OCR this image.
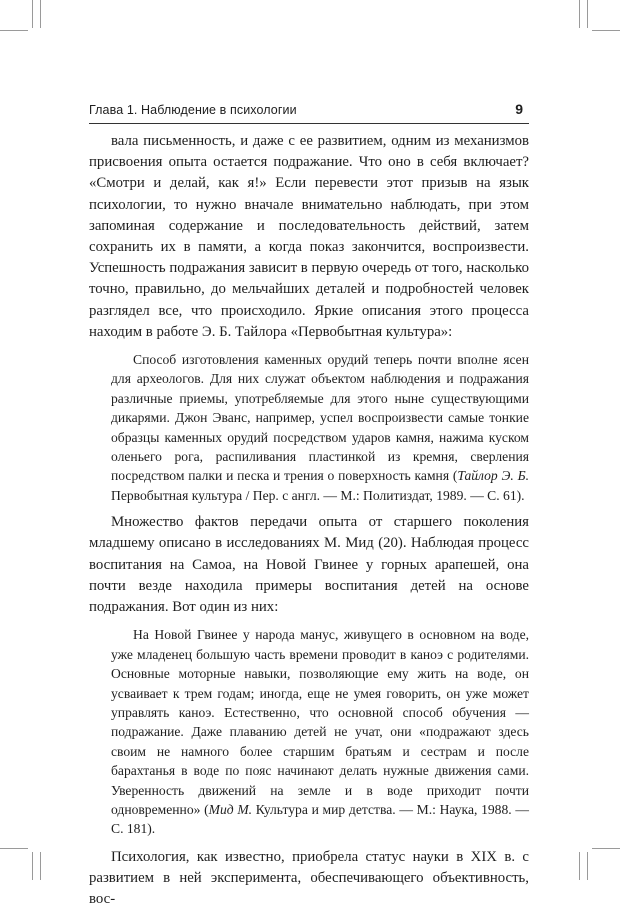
Глава 1. Наблюдение в психологии	9

вала письменность, и даже с ее развитием, одним из механизмов присвоения опыта остается подражание. Что оно в себя включает? «Смотри и делай, как я!» Если перевести этот призыв на язык психологии, то нужно вначале внимательно наблюдать, при этом запоминая содержание и последовательность действий, затем сохранить их в памяти, а когда показ закончится, воспроизвести. Успешность подражания зависит в первую очередь от того, насколько точно, правильно, до мельчайших деталей и подробностей человек разглядел все, что происходило. Яркие описания этого процесса находим в работе Э. Б. Тайлора «Первобытная культура»:

Способ изготовления каменных орудий теперь почти вполне ясен для археологов. Для них служат объектом наблюдения и подражания различные приемы, употребляемые для этого ныне существующими дикарями. Джон Эванс, например, успел воспроизвести самые тонкие образцы каменных орудий посредством ударов камня, нажима куском оленьего рога, распиливания пластинкой из кремня, сверления посредством палки и песка и трения о поверхность камня (Тайлор Э. Б. Первобытная культура / Пер. с англ. — М.: Политиздат, 1989. — С. 61).

Множество фактов передачи опыта от старшего поколения младшему описано в исследованиях М. Мид (20). Наблюдая процесс воспитания на Самоа, на Новой Гвинее у горных арапешей, она почти везде находила примеры воспитания детей на основе подражания. Вот один из них:

На Новой Гвинее у народа манус, живущего в основном на воде, уже младенец большую часть времени проводит в каноэ с родителями. Основные моторные навыки, позволяющие ему жить на воде, он усваивает к трем годам; иногда, еще не умея говорить, он уже может управлять каноэ. Естественно, что основной способ обучения — подражание. Даже плаванию детей не учат, они «подражают здесь своим не намного более старшим братьям и сестрам и после барахтанья в воде по пояс начинают делать нужные движения сами. Уверенность движений на земле и в воде приходит почти одновременно» (Мид М. Культура и мир детства. — М.: Наука, 1988. — С. 181).

Психология, как известно, приобрела статус науки в XIX в. с развитием в ней эксперимента, обеспечивающего объективность, вос-
